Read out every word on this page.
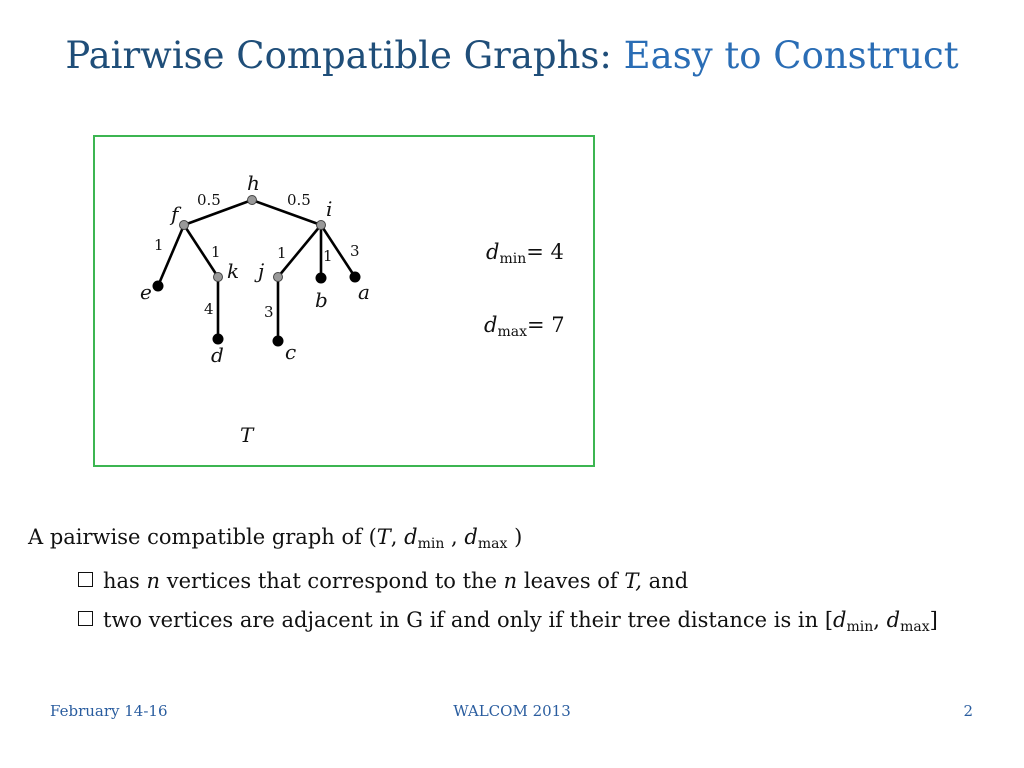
Pairwise Compatible Graphs: Easy to Construct
h
f	i
e
k j
b a
d	c
0.5	0.5
1	1	1 1 3
4	3
T
$d_{min}= 4$
$d_{max}= 7$
A pairwise compatible graph of (T, $d_{min}$ , $d_{max}$ )
has n vertices that correspond to the n leaves of T, and
two vertices are adjacent in G if and only if their tree distance is in [$d_{min}$, $d_{max}$]
February 14-16	WALCOM 2013	2
